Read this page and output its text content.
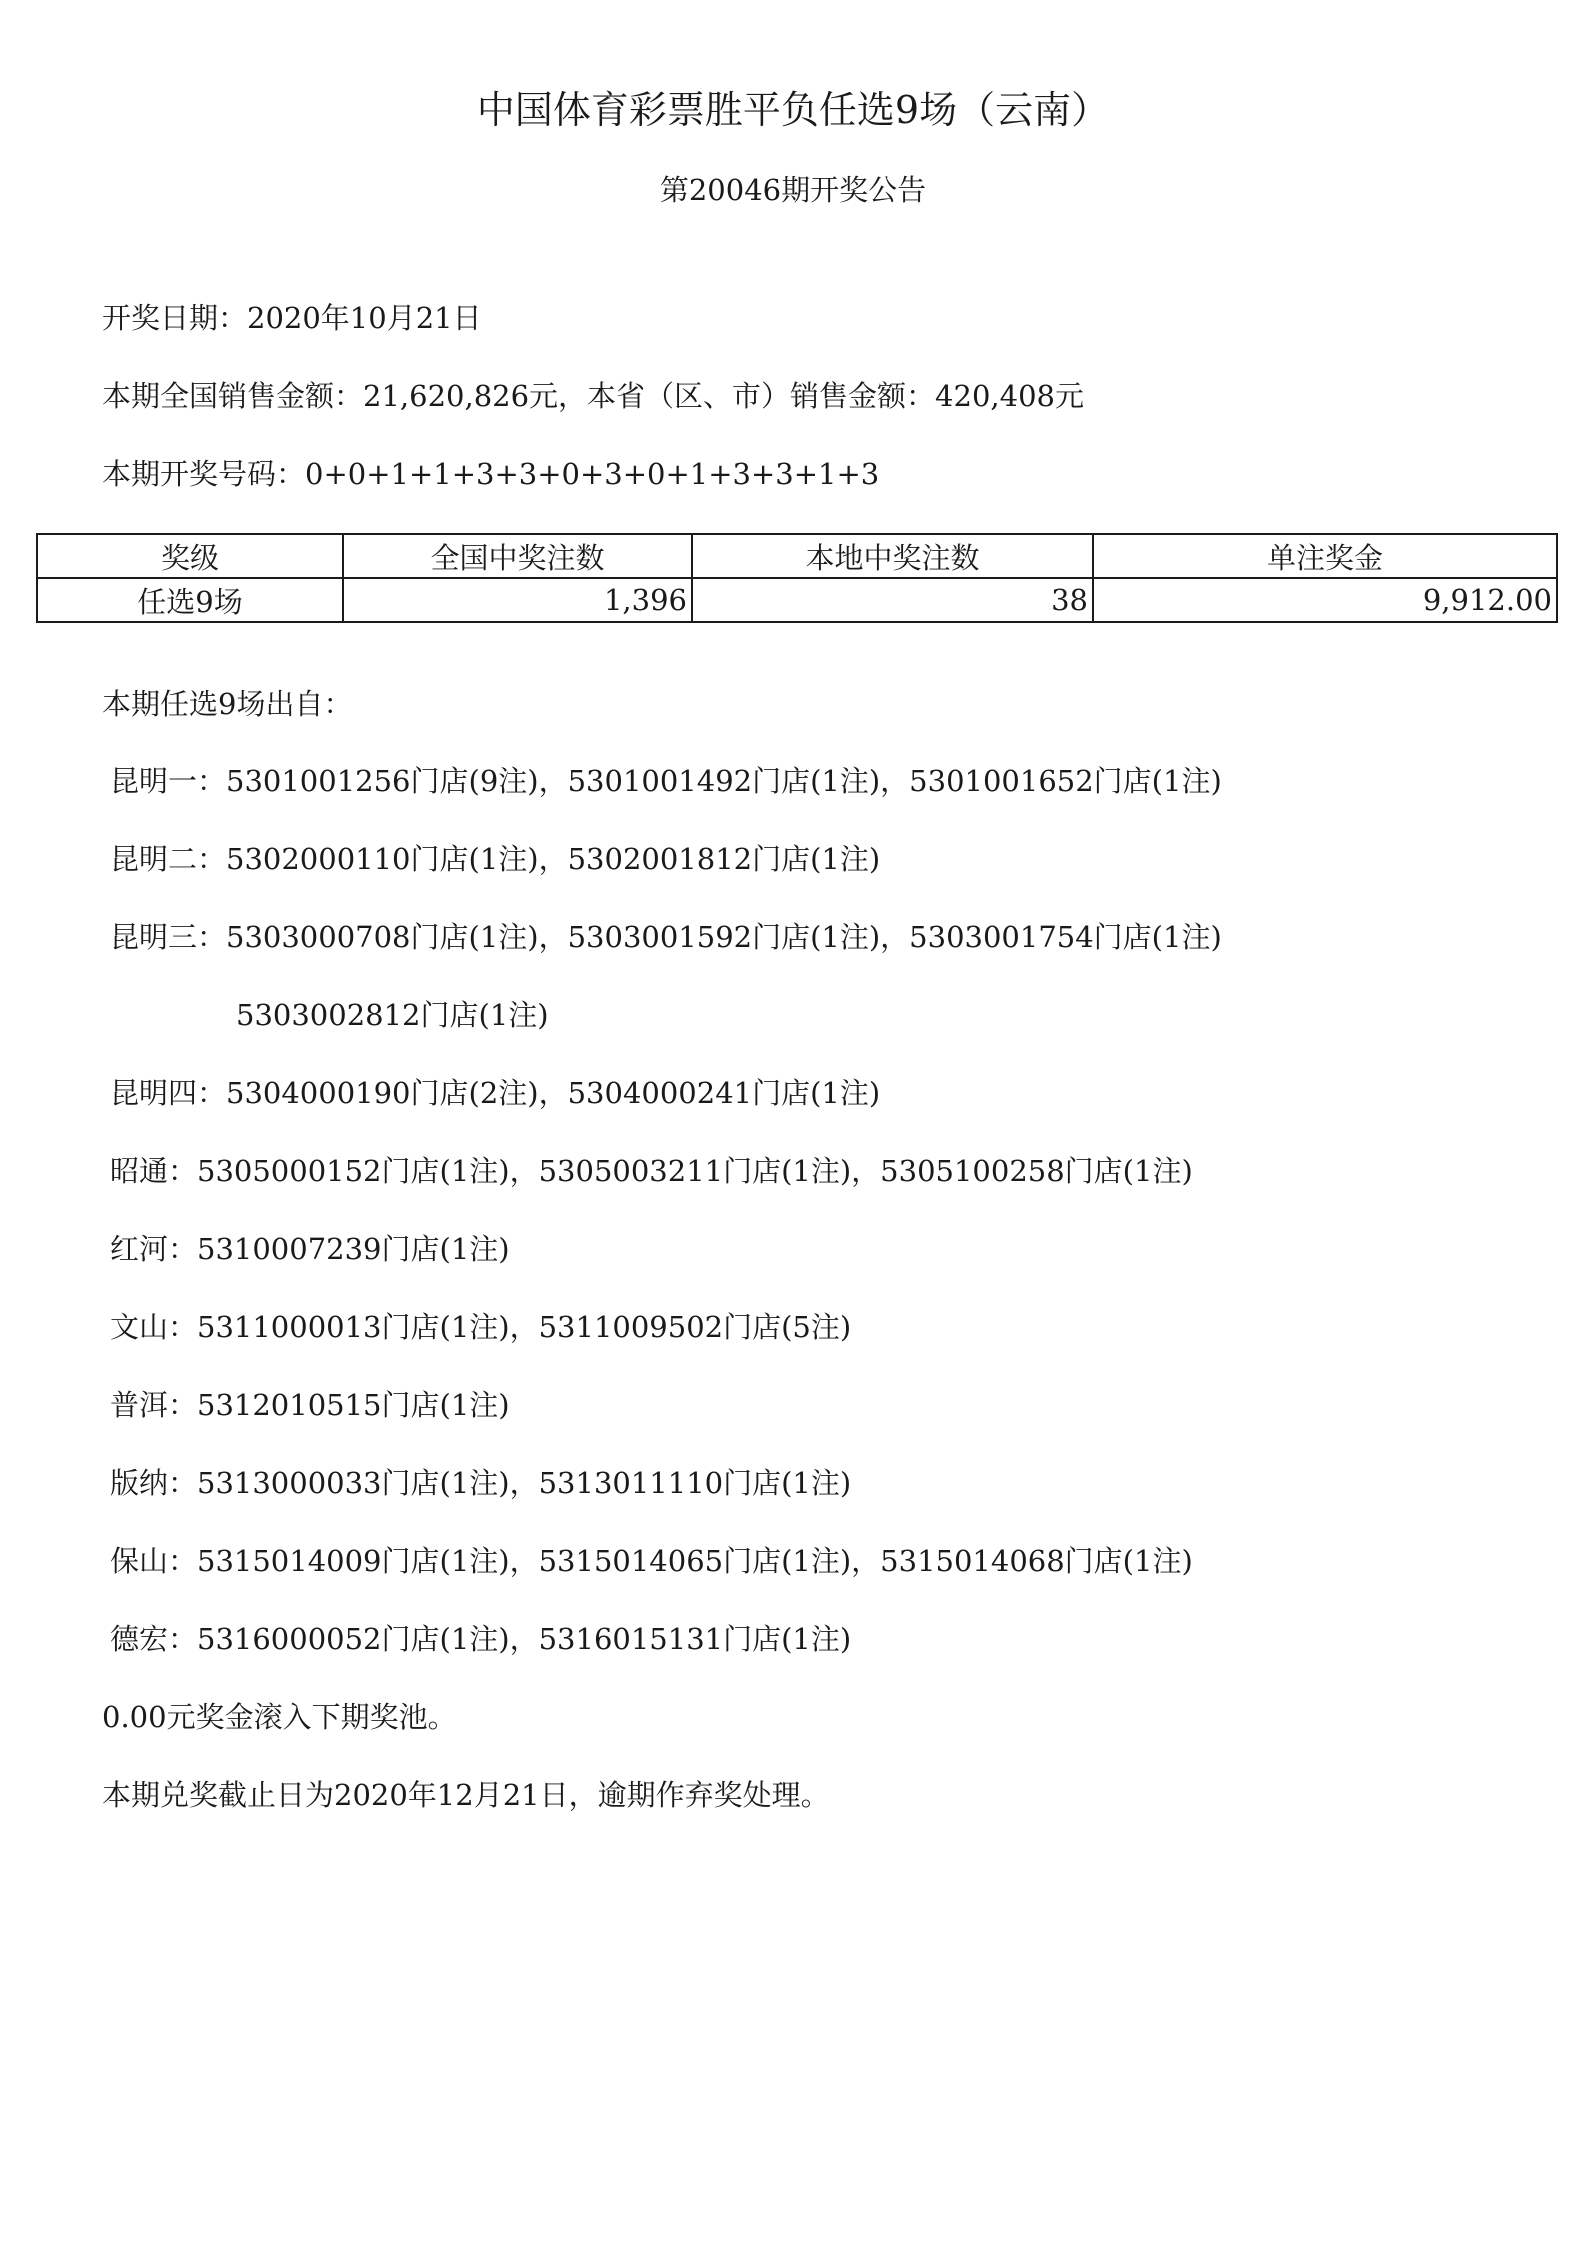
中国体育彩票胜平负任选9场（云南）
第20046期开奖公告
开奖日期：2020年10月21日
本期全国销售金额：21,620,826元，本省（区、市）销售金额：420,408元
本期开奖号码：0+0+1+1+3+3+0+3+0+1+3+3+1+3
奖级	全国中奖注数	本地中奖注数	单注奖金
任选9场	1,396	38	9,912.00
本期任选9场出自：
昆明一：5301001256门店(9注)，5301001492门店(1注)，5301001652门店(1注)
昆明二：5302000110门店(1注)，5302001812门店(1注)
昆明三：5303000708门店(1注)，5303001592门店(1注)，5303001754门店(1注)
5303002812门店(1注)
昆明四：5304000190门店(2注)，5304000241门店(1注)
昭通：5305000152门店(1注)，5305003211门店(1注)，5305100258门店(1注)
红河：5310007239门店(1注)
文山：5311000013门店(1注)，5311009502门店(5注)
普洱：5312010515门店(1注)
版纳：5313000033门店(1注)，5313011110门店(1注)
保山：5315014009门店(1注)，5315014065门店(1注)，5315014068门店(1注)
德宏：5316000052门店(1注)，5316015131门店(1注)
0.00元奖金滚入下期奖池。
本期兑奖截止日为2020年12月21日，逾期作弃奖处理。
